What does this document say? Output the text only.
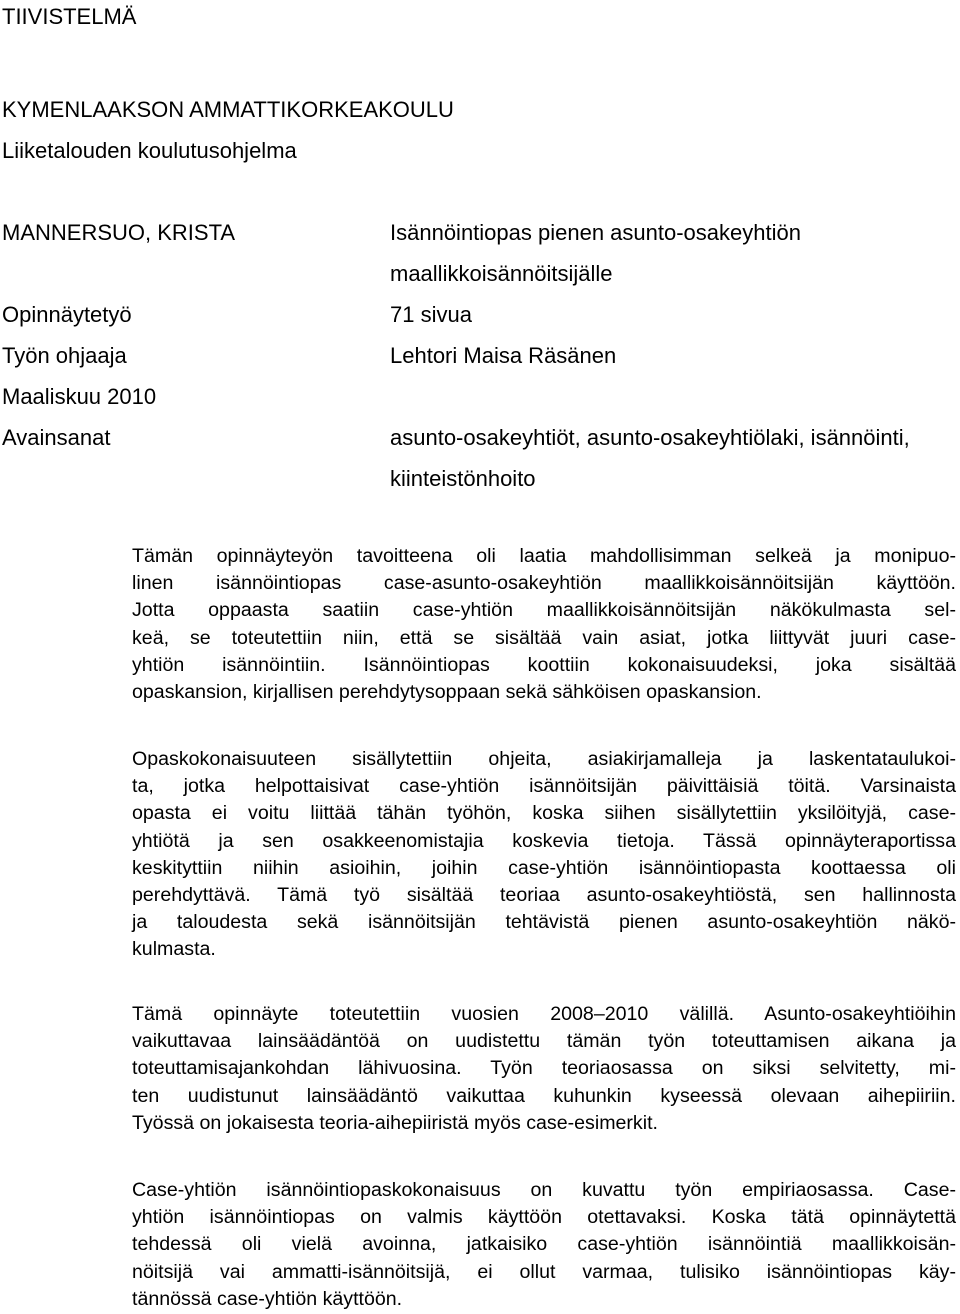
TIIVISTELMÄ
KYMENLAAKSON AMMATTIKORKEAKOULU
Liiketalouden koulutusohjelma
MANNERSUO, KRISTA	Isännöintiopas pienen asunto-osakeyhtiön
maallikkoisännöitsijälle
Opinnäytetyö	71 sivua
Työn ohjaaja	Lehtori Maisa Räsänen
Maaliskuu 2010
Avainsanat	asunto-osakeyhtiöt, asunto-osakeyhtiölaki, isännöinti,
kiinteistönhoito
Tämän opinnäyteyön tavoitteena oli laatia mahdollisimman selkeä ja monipuo-
linen isännöintiopas case-asunto-osakeyhtiön maallikkoisännöitsijän käyttöön.
Jotta oppaasta saatiin case-yhtiön maallikkoisännöitsijän näkökulmasta sel-
keä, se toteutettiin niin, että se sisältää vain asiat, jotka liittyvät juuri case-
yhtiön isännöintiin. Isännöintiopas koottiin kokonaisuudeksi, joka sisältää
opaskansion, kirjallisen perehdytysoppaan sekä sähköisen opaskansion.
Opaskokonaisuuteen sisällytettiin ohjeita, asiakirjamalleja ja laskentataulukoi-
ta, jotka helpottaisivat case-yhtiön isännöitsijän päivittäisiä töitä. Varsinaista
opasta ei voitu liittää tähän työhön, koska siihen sisällytettiin yksilöityjä, case-
yhtiötä ja sen osakkeenomistajia koskevia tietoja. Tässä opinnäyteraportissa
keskityttiin niihin asioihin, joihin case-yhtiön isännöintiopasta koottaessa oli
perehdyttävä. Tämä työ sisältää teoriaa asunto-osakeyhtiöstä, sen hallinnosta
ja taloudesta sekä isännöitsijän tehtävistä pienen asunto-osakeyhtiön näkö-
kulmasta.
Tämä opinnäyte toteutettiin vuosien 2008–2010 välillä. Asunto-osakeyhtiöihin
vaikuttavaa lainsäädäntöä on uudistettu tämän työn toteuttamisen aikana ja
toteuttamisajankohdan lähivuosina. Työn teoriaosassa on siksi selvitetty, mi-
ten uudistunut lainsäädäntö vaikuttaa kuhunkin kyseessä olevaan aihepiiriin.
Työssä on jokaisesta teoria-aihepiiristä myös case-esimerkit.
Case-yhtiön isännöintiopaskokonaisuus on kuvattu työn empiriaosassa. Case-
yhtiön isännöintiopas on valmis käyttöön otettavaksi. Koska tätä opinnäytettä
tehdessä oli vielä avoinna, jatkaisiko case-yhtiön isännöintiä maallikkoisän-
nöitsijä vai ammatti-isännöitsijä, ei ollut varmaa, tulisiko isännöintiopas käy-
tännössä case-yhtiön käyttöön.
